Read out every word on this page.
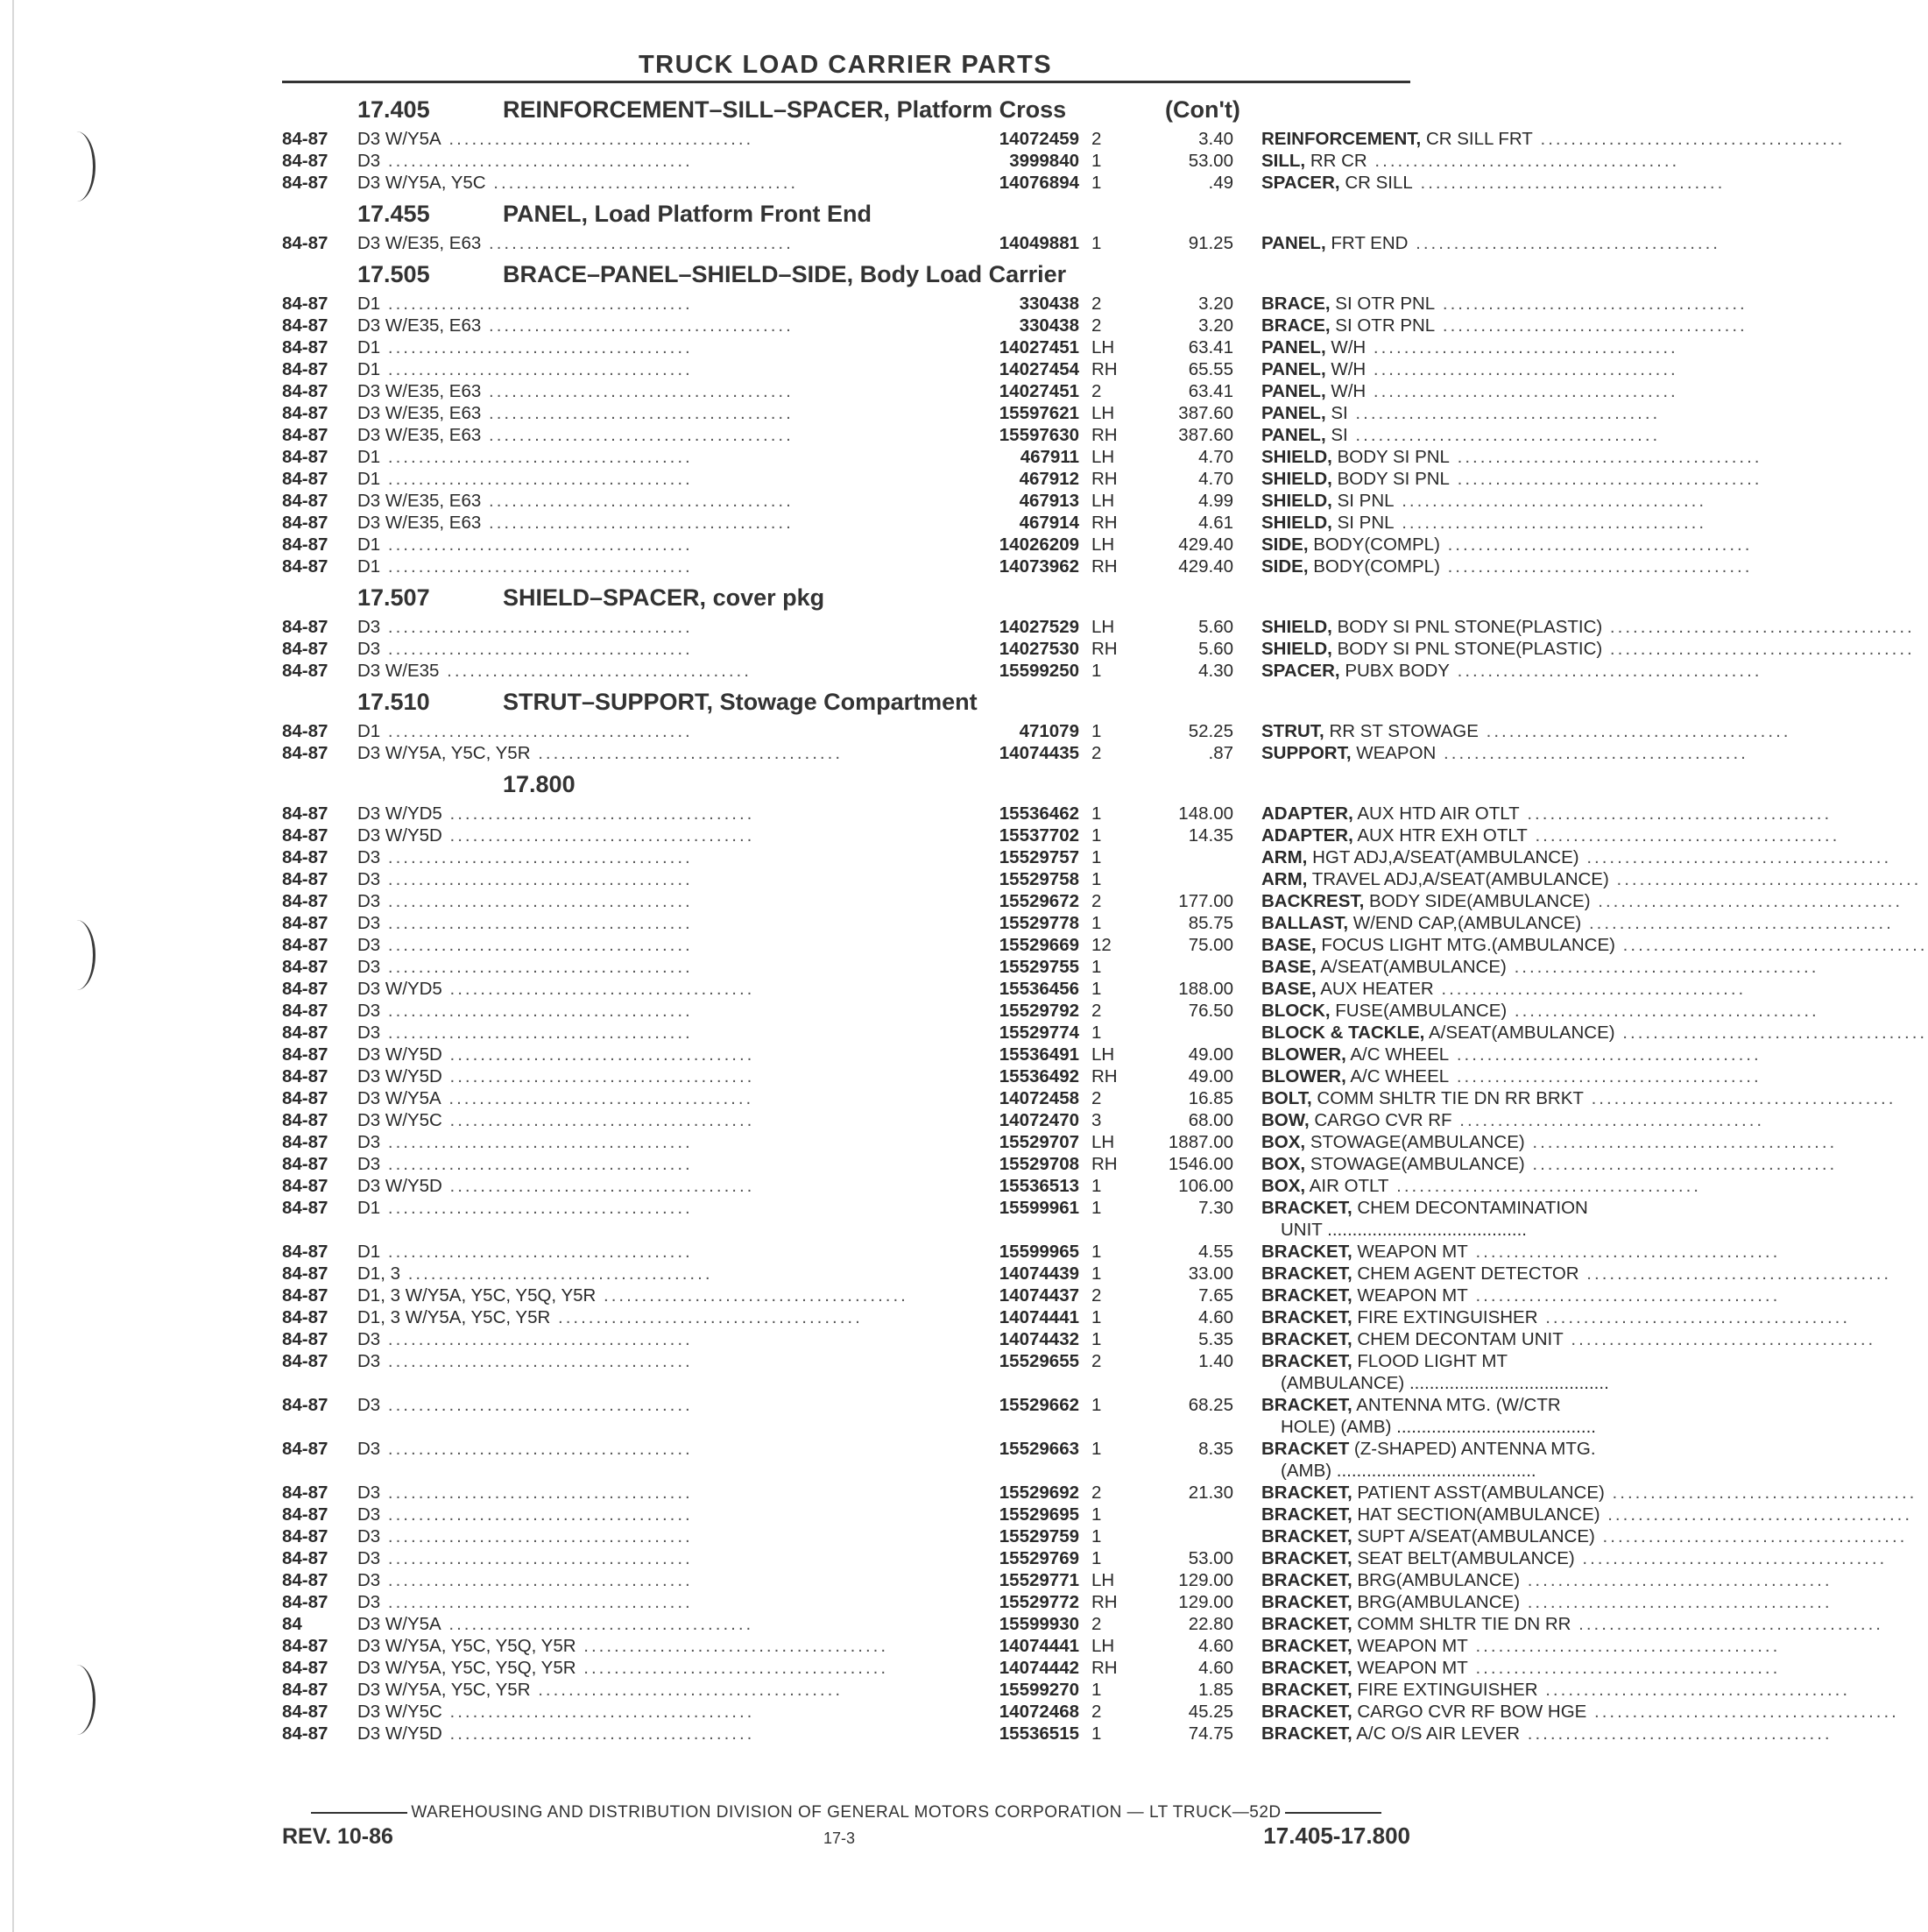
TRUCK LOAD CARRIER PARTS
17.405	REINFORCEMENT–SILL–SPACER, Platform Cross	(Con't)
84-87	D3 W/Y5A ........................................	14072459 2	3.40 REINFORCEMENT, CR SILL FRT ........................................
84-87	D3 ........................................	3999840 1	53.00 SILL, RR CR ........................................
84-87	D3 W/Y5A, Y5C ........................................	14076894 1	.49 SPACER, CR SILL ........................................
17.455	PANEL, Load Platform Front End
84-87	D3 W/E35, E63 ........................................	14049881 1	91.25 PANEL, FRT END ........................................
17.505	BRACE–PANEL–SHIELD–SIDE, Body Load Carrier
84-87	D1 ........................................	330438 2	3.20 BRACE, SI OTR PNL ........................................
84-87	D3 W/E35, E63 ........................................	330438 2	3.20 BRACE, SI OTR PNL ........................................
84-87	D1 ........................................	14027451 LH	63.41 PANEL, W/H ........................................
84-87	D1 ........................................	14027454 RH	65.55 PANEL, W/H ........................................
84-87	D3 W/E35, E63 ........................................	14027451 2	63.41 PANEL, W/H ........................................
84-87	D3 W/E35, E63 ........................................	15597621 LH	387.60 PANEL, SI ........................................
84-87	D3 W/E35, E63 ........................................	15597630 RH	387.60 PANEL, SI ........................................
84-87	D1 ........................................	467911 LH	4.70 SHIELD, BODY SI PNL ........................................
84-87	D1 ........................................	467912 RH	4.70 SHIELD, BODY SI PNL ........................................
84-87	D3 W/E35, E63 ........................................	467913 LH	4.99 SHIELD, SI PNL ........................................
84-87	D3 W/E35, E63 ........................................	467914 RH	4.61 SHIELD, SI PNL ........................................
84-87	D1 ........................................	14026209 LH	429.40 SIDE, BODY(COMPL) ........................................
84-87	D1 ........................................	14073962 RH	429.40 SIDE, BODY(COMPL) ........................................
17.507	SHIELD–SPACER, cover pkg
84-87	D3 ........................................	14027529 LH	5.60 SHIELD, BODY SI PNL STONE(PLASTIC) ........................................
84-87	D3 ........................................	14027530 RH	5.60 SHIELD, BODY SI PNL STONE(PLASTIC) ........................................
84-87	D3 W/E35 ........................................	15599250 1	4.30 SPACER, PUBX BODY ........................................
17.510	STRUT–SUPPORT, Stowage Compartment
84-87	D1 ........................................	471079 1	52.25 STRUT, RR ST STOWAGE ........................................
84-87	D3 W/Y5A, Y5C, Y5R ........................................	14074435 2	.87 SUPPORT, WEAPON ........................................
17.800
84-87	D3 W/YD5 ........................................	15536462 1	148.00 ADAPTER, AUX HTD AIR OTLT ........................................
84-87	D3 W/Y5D ........................................	15537702 1	14.35 ADAPTER, AUX HTR EXH OTLT ........................................
84-87	D3 ........................................	15529757 1	ARM, HGT ADJ,A/SEAT(AMBULANCE) ........................................
84-87	D3 ........................................	15529758 1	ARM, TRAVEL ADJ,A/SEAT(AMBULANCE) ........................................
84-87	D3 ........................................	15529672 2	177.00 BACKREST, BODY SIDE(AMBULANCE) ........................................
84-87	D3 ........................................	15529778 1	85.75 BALLAST, W/END CAP,(AMBULANCE) ........................................
84-87	D3 ........................................	15529669 12	75.00 BASE, FOCUS LIGHT MTG.(AMBULANCE) ........................................
84-87	D3 ........................................	15529755 1	BASE, A/SEAT(AMBULANCE) ........................................
84-87	D3 W/YD5 ........................................	15536456 1	188.00 BASE, AUX HEATER ........................................
84-87	D3 ........................................	15529792 2	76.50 BLOCK, FUSE(AMBULANCE) ........................................
84-87	D3 ........................................	15529774 1	BLOCK & TACKLE, A/SEAT(AMBULANCE) ........................................
84-87	D3 W/Y5D ........................................	15536491 LH	49.00 BLOWER, A/C WHEEL ........................................
84-87	D3 W/Y5D ........................................	15536492 RH	49.00 BLOWER, A/C WHEEL ........................................
84-87	D3 W/Y5A ........................................	14072458 2	16.85 BOLT, COMM SHLTR TIE DN RR BRKT ........................................
84-87	D3 W/Y5C ........................................	14072470 3	68.00 BOW, CARGO CVR RF ........................................
84-87	D3 ........................................	15529707 LH	1887.00 BOX, STOWAGE(AMBULANCE) ........................................
84-87	D3 ........................................	15529708 RH	1546.00 BOX, STOWAGE(AMBULANCE) ........................................
84-87	D3 W/Y5D ........................................	15536513 1	106.00 BOX, AIR OTLT ........................................
84-87	D1 ........................................	15599961 1	7.30 BRACKET, CHEM DECONTAMINATION
UNIT ........................................
84-87	D1 ........................................	15599965 1	4.55 BRACKET, WEAPON MT ........................................
84-87	D1, 3 ........................................	14074439 1	33.00 BRACKET, CHEM AGENT DETECTOR ........................................
84-87	D1, 3 W/Y5A, Y5C, Y5Q, Y5R ........................................	14074437 2	7.65 BRACKET, WEAPON MT ........................................
84-87	D1, 3 W/Y5A, Y5C, Y5R ........................................	14074441 1	4.60 BRACKET, FIRE EXTINGUISHER ........................................
84-87	D3 ........................................	14074432 1	5.35 BRACKET, CHEM DECONTAM UNIT ........................................
84-87	D3 ........................................	15529655 2	1.40 BRACKET, FLOOD LIGHT MT
(AMBULANCE) ........................................
84-87	D3 ........................................	15529662 1	68.25 BRACKET, ANTENNA MTG. (W/CTR
HOLE) (AMB) ........................................
84-87	D3 ........................................	15529663 1	8.35 BRACKET (Z-SHAPED) ANTENNA MTG.
(AMB) ........................................
84-87	D3 ........................................	15529692 2	21.30 BRACKET, PATIENT ASST(AMBULANCE) ........................................
84-87	D3 ........................................	15529695 1	BRACKET, HAT SECTION(AMBULANCE) ........................................
84-87	D3 ........................................	15529759 1	BRACKET, SUPT A/SEAT(AMBULANCE) ........................................
84-87	D3 ........................................	15529769 1	53.00 BRACKET, SEAT BELT(AMBULANCE) ........................................
84-87	D3 ........................................	15529771 LH	129.00 BRACKET, BRG(AMBULANCE) ........................................
84-87	D3 ........................................	15529772 RH	129.00 BRACKET, BRG(AMBULANCE) ........................................
84	D3 W/Y5A ........................................	15599930 2	22.80 BRACKET, COMM SHLTR TIE DN RR ........................................
84-87	D3 W/Y5A, Y5C, Y5Q, Y5R ........................................	14074441 LH	4.60 BRACKET, WEAPON MT ........................................
84-87	D3 W/Y5A, Y5C, Y5Q, Y5R ........................................	14074442 RH	4.60 BRACKET, WEAPON MT ........................................
84-87	D3 W/Y5A, Y5C, Y5R ........................................	15599270 1	1.85 BRACKET, FIRE EXTINGUISHER ........................................
84-87	D3 W/Y5C ........................................	14072468 2	45.25 BRACKET, CARGO CVR RF BOW HGE ........................................
84-87	D3 W/Y5D ........................................	15536515 1	74.75 BRACKET, A/C O/S AIR LEVER ........................................
WAREHOUSING AND DISTRIBUTION DIVISION OF GENERAL MOTORS CORPORATION — LT TRUCK—52D
REV. 10-86	17-3	17.405-17.800
